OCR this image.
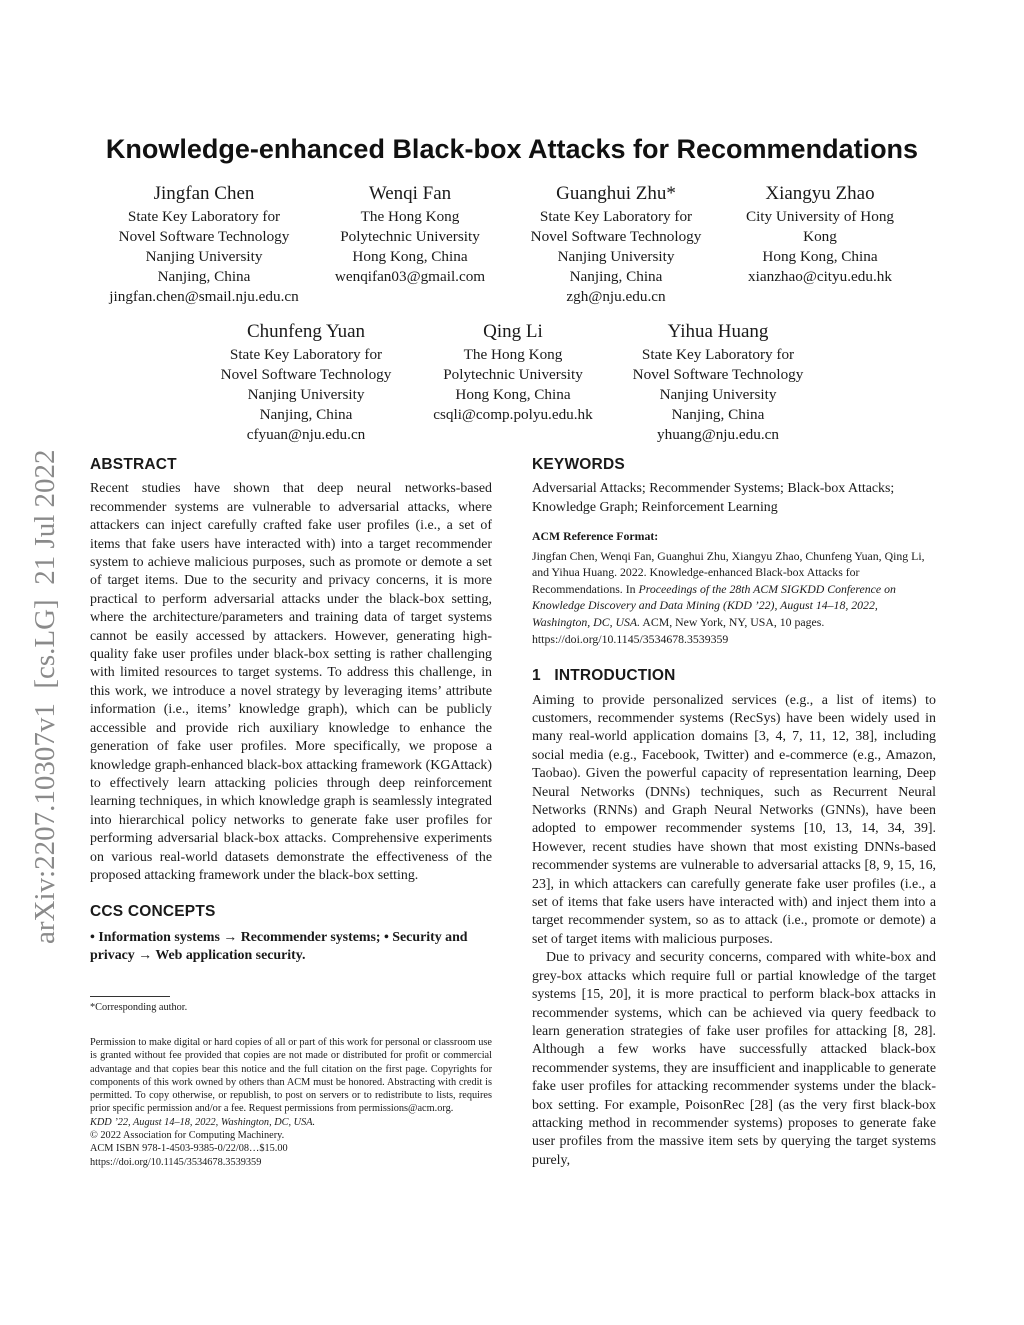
arXiv:2207.10307v1  [cs.LG]  21 Jul 2022
Knowledge-enhanced Black-box Attacks for Recommendations
Jingfan Chen
State Key Laboratory for
Novel Software Technology
Nanjing University
Nanjing, China
jingfan.chen@smail.nju.edu.cn
Wenqi Fan
The Hong Kong
Polytechnic University
Hong Kong, China
wenqifan03@gmail.com
Guanghui Zhu*
State Key Laboratory for
Novel Software Technology
Nanjing University
Nanjing, China
zgh@nju.edu.cn
Xiangyu Zhao
City University of Hong
Kong
Hong Kong, China
xianzhao@cityu.edu.hk
Chunfeng Yuan
State Key Laboratory for
Novel Software Technology
Nanjing University
Nanjing, China
cfyuan@nju.edu.cn
Qing Li
The Hong Kong
Polytechnic University
Hong Kong, China
csqli@comp.polyu.edu.hk
Yihua Huang
State Key Laboratory for
Novel Software Technology
Nanjing University
Nanjing, China
yhuang@nju.edu.cn
ABSTRACT

Recent studies have shown that deep neural networks-based recommender systems are vulnerable to adversarial attacks, where attackers can inject carefully crafted fake user profiles (i.e., a set of items that fake users have interacted with) into a target recommender system to achieve malicious purposes, such as promote or demote a set of target items. Due to the security and privacy concerns, it is more practical to perform adversarial attacks under the black-box setting, where the architecture/parameters and training data of target systems cannot be easily accessed by attackers. However, generating high-quality fake user profiles under black-box setting is rather challenging with limited resources to target systems. To address this challenge, in this work, we introduce a novel strategy by leveraging items’ attribute information (i.e., items’ knowledge graph), which can be publicly accessible and provide rich auxiliary knowledge to enhance the generation of fake user profiles. More specifically, we propose a knowledge graph-enhanced black-box attacking framework (KGAttack) to effectively learn attacking policies through deep reinforcement learning techniques, in which knowledge graph is seamlessly integrated into hierarchical policy networks to generate fake user profiles for performing adversarial black-box attacks. Comprehensive experiments on various real-world datasets demonstrate the effectiveness of the proposed attacking framework under the black-box setting.

CCS CONCEPTS

• Information systems → Recommender systems; • Security and privacy → Web application security.

*Corresponding author.
Permission to make digital or hard copies of all or part of this work for personal or classroom use is granted without fee provided that copies are not made or distributed for profit or commercial advantage and that copies bear this notice and the full citation on the first page. Copyrights for components of this work owned by others than ACM must be honored. Abstracting with credit is permitted. To copy otherwise, or republish, to post on servers or to redistribute to lists, requires prior specific permission and/or a fee. Request permissions from permissions@acm.org.
KDD ’22, August 14–18, 2022, Washington, DC, USA.
© 2022 Association for Computing Machinery.
ACM ISBN 978-1-4503-9385-0/22/08…$15.00
https://doi.org/10.1145/3534678.3539359
KEYWORDS

Adversarial Attacks; Recommender Systems; Black-box Attacks; Knowledge Graph; Reinforcement Learning

ACM Reference Format:
Jingfan Chen, Wenqi Fan, Guanghui Zhu, Xiangyu Zhao, Chunfeng Yuan, Qing Li, and Yihua Huang. 2022. Knowledge-enhanced Black-box Attacks for Recommendations. In Proceedings of the 28th ACM SIGKDD Conference on Knowledge Discovery and Data Mining (KDD ’22), August 14–18, 2022, Washington, DC, USA. ACM, New York, NY, USA, 10 pages. https://doi.org/10.1145/3534678.3539359
1   INTRODUCTION

Aiming to provide personalized services (e.g., a list of items) to customers, recommender systems (RecSys) have been widely used in many real-world application domains [3, 4, 7, 11, 12, 38], including social media (e.g., Facebook, Twitter) and e-commerce (e.g., Amazon, Taobao). Given the powerful capacity of representation learning, Deep Neural Networks (DNNs) techniques, such as Recurrent Neural Networks (RNNs) and Graph Neural Networks (GNNs), have been adopted to empower recommender systems [10, 13, 14, 34, 39]. However, recent studies have shown that most existing DNNs-based recommender systems are vulnerable to adversarial attacks [8, 9, 15, 16, 23], in which attackers can carefully generate fake user profiles (i.e., a set of items that fake users have interacted with) and inject them into a target recommender system, so as to attack (i.e., promote or demote) a set of target items with malicious purposes.

Due to privacy and security concerns, compared with white-box and grey-box attacks which require full or partial knowledge of the target systems [15, 20], it is more practical to perform black-box attacks in recommender systems, which can be achieved via query feedback to learn generation strategies of fake user profiles for attacking [8, 28]. Although a few works have successfully attacked black-box recommender systems, they are insufficient and inapplicable to generate fake user profiles for attacking recommender systems under the black-box setting. For example, PoisonRec [28] (as the very first black-box attacking method in recommender systems) proposes to generate fake user profiles from the massive item sets by querying the target systems purely,
